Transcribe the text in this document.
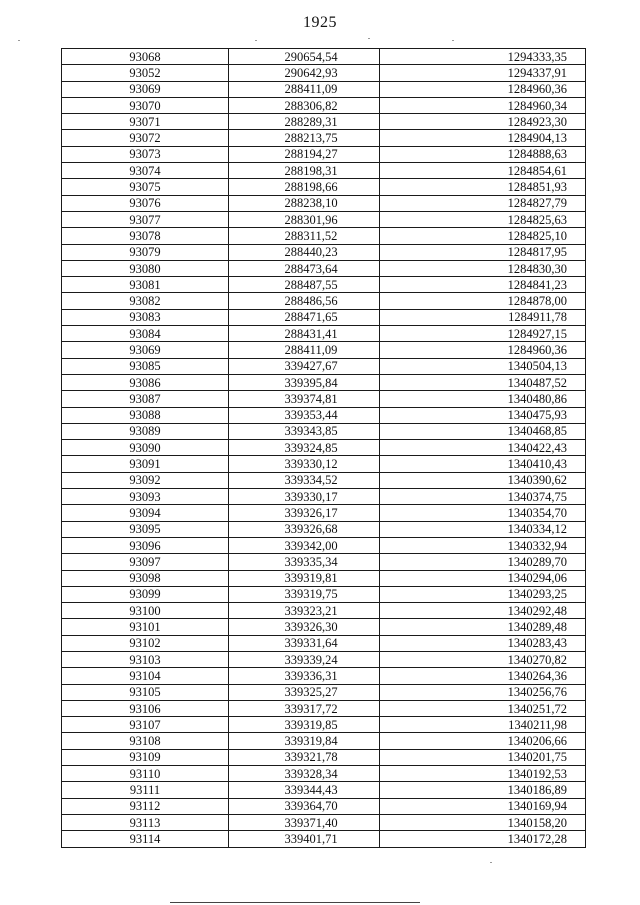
1925
93068	290654,54	1294333,35
93052	290642,93	1294337,91
93069	288411,09	1284960,36
93070	288306,82	1284960,34
93071	288289,31	1284923,30
93072	288213,75	1284904,13
93073	288194,27	1284888,63
93074	288198,31	1284854,61
93075	288198,66	1284851,93
93076	288238,10	1284827,79
93077	288301,96	1284825,63
93078	288311,52	1284825,10
93079	288440,23	1284817,95
93080	288473,64	1284830,30
93081	288487,55	1284841,23
93082	288486,56	1284878,00
93083	288471,65	1284911,78
93084	288431,41	1284927,15
93069	288411,09	1284960,36
93085	339427,67	1340504,13
93086	339395,84	1340487,52
93087	339374,81	1340480,86
93088	339353,44	1340475,93
93089	339343,85	1340468,85
93090	339324,85	1340422,43
93091	339330,12	1340410,43
93092	339334,52	1340390,62
93093	339330,17	1340374,75
93094	339326,17	1340354,70
93095	339326,68	1340334,12
93096	339342,00	1340332,94
93097	339335,34	1340289,70
93098	339319,81	1340294,06
93099	339319,75	1340293,25
93100	339323,21	1340292,48
93101	339326,30	1340289,48
93102	339331,64	1340283,43
93103	339339,24	1340270,82
93104	339336,31	1340264,36
93105	339325,27	1340256,76
93106	339317,72	1340251,72
93107	339319,85	1340211,98
93108	339319,84	1340206,66
93109	339321,78	1340201,75
93110	339328,34	1340192,53
93111	339344,43	1340186,89
93112	339364,70	1340169,94
93113	339371,40	1340158,20
93114	339401,71	1340172,28
